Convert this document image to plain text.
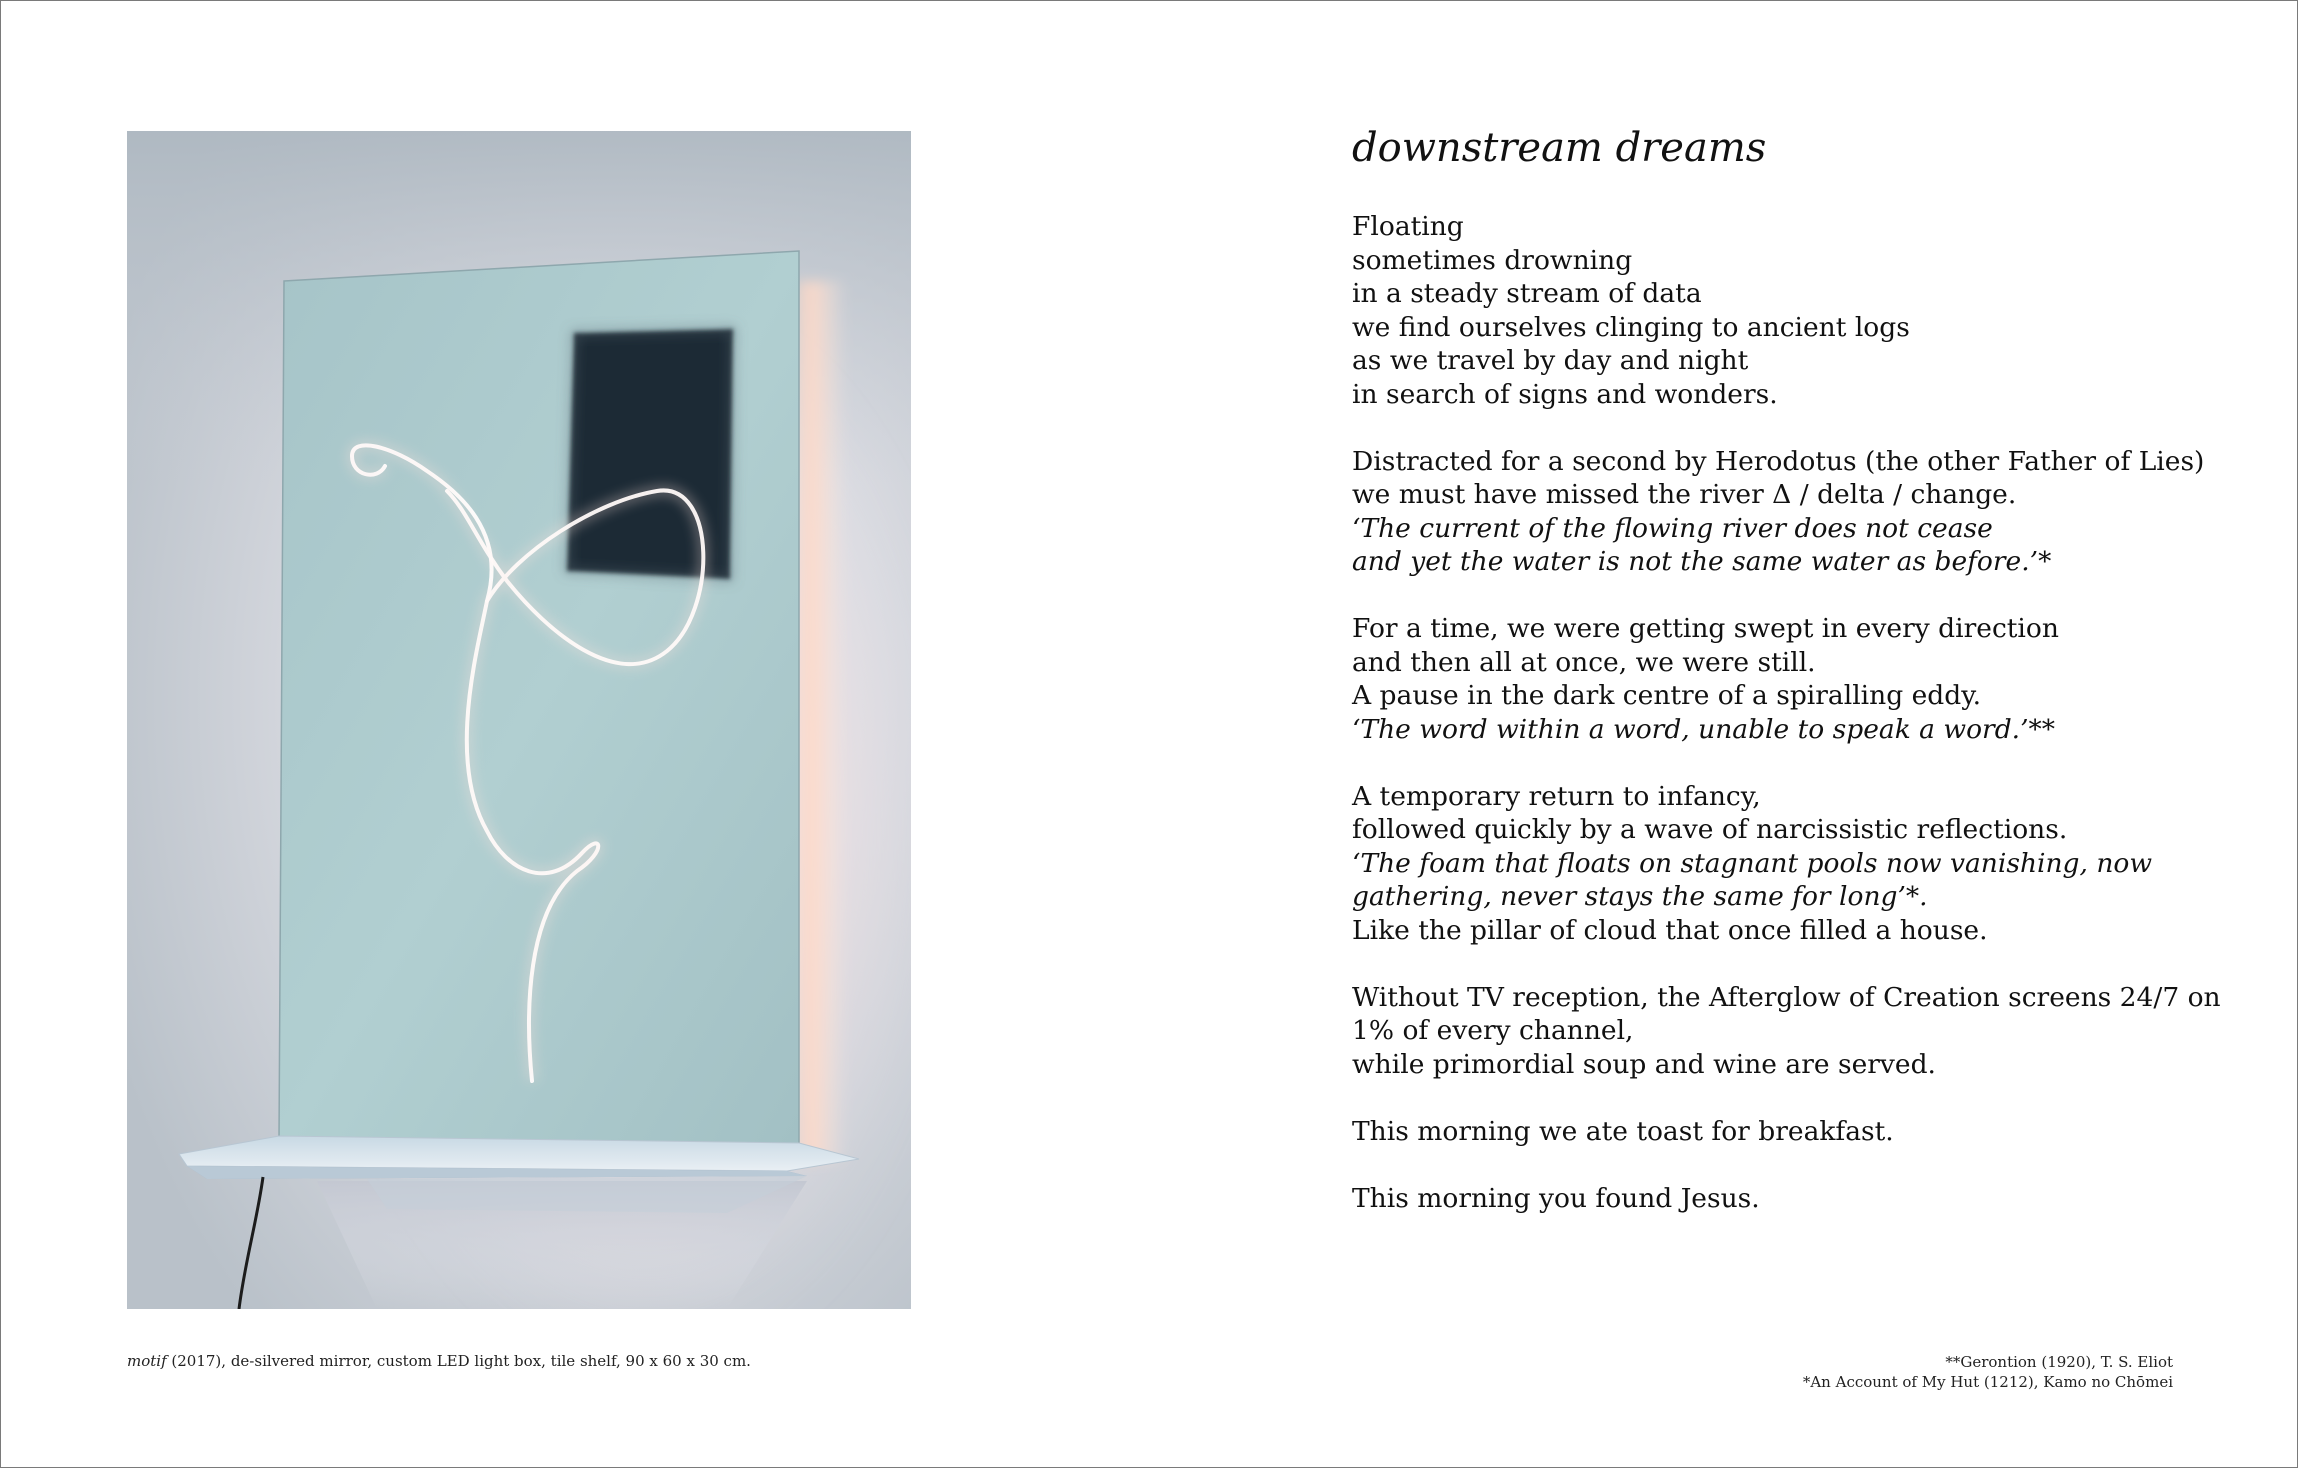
motif (2017), de-silvered mirror, custom LED light box, tile shelf, 90 x 60 x 30 cm.	**Gerontion (1920), T. S. Eliot
*An Account of My Hut (1212), Kamo no Chōmei
downstream dreams
Floating
sometimes drowning
in a steady stream of data
we find ourselves clinging to ancient logs
as we travel by day and night
in search of signs and wonders.
Distracted for a second by Herodotus (the other Father of Lies)
we must have missed the river Δ / delta / change.
‘The current of the flowing river does not cease
and yet the water is not the same water as before.’*
For a time, we were getting swept in every direction
and then all at once, we were still.
A pause in the dark centre of a spiralling eddy.
‘The word within a word, unable to speak a word.’**
A temporary return to infancy,
followed quickly by a wave of narcissistic reflections.
‘The foam that floats on stagnant pools now vanishing, now
gathering, never stays the same for long’*.
Like the pillar of cloud that once filled a house.
Without TV reception, the Afterglow of Creation screens 24/7 on
1% of every channel,
while primordial soup and wine are served.
This morning we ate toast for breakfast.
This morning you found Jesus.
